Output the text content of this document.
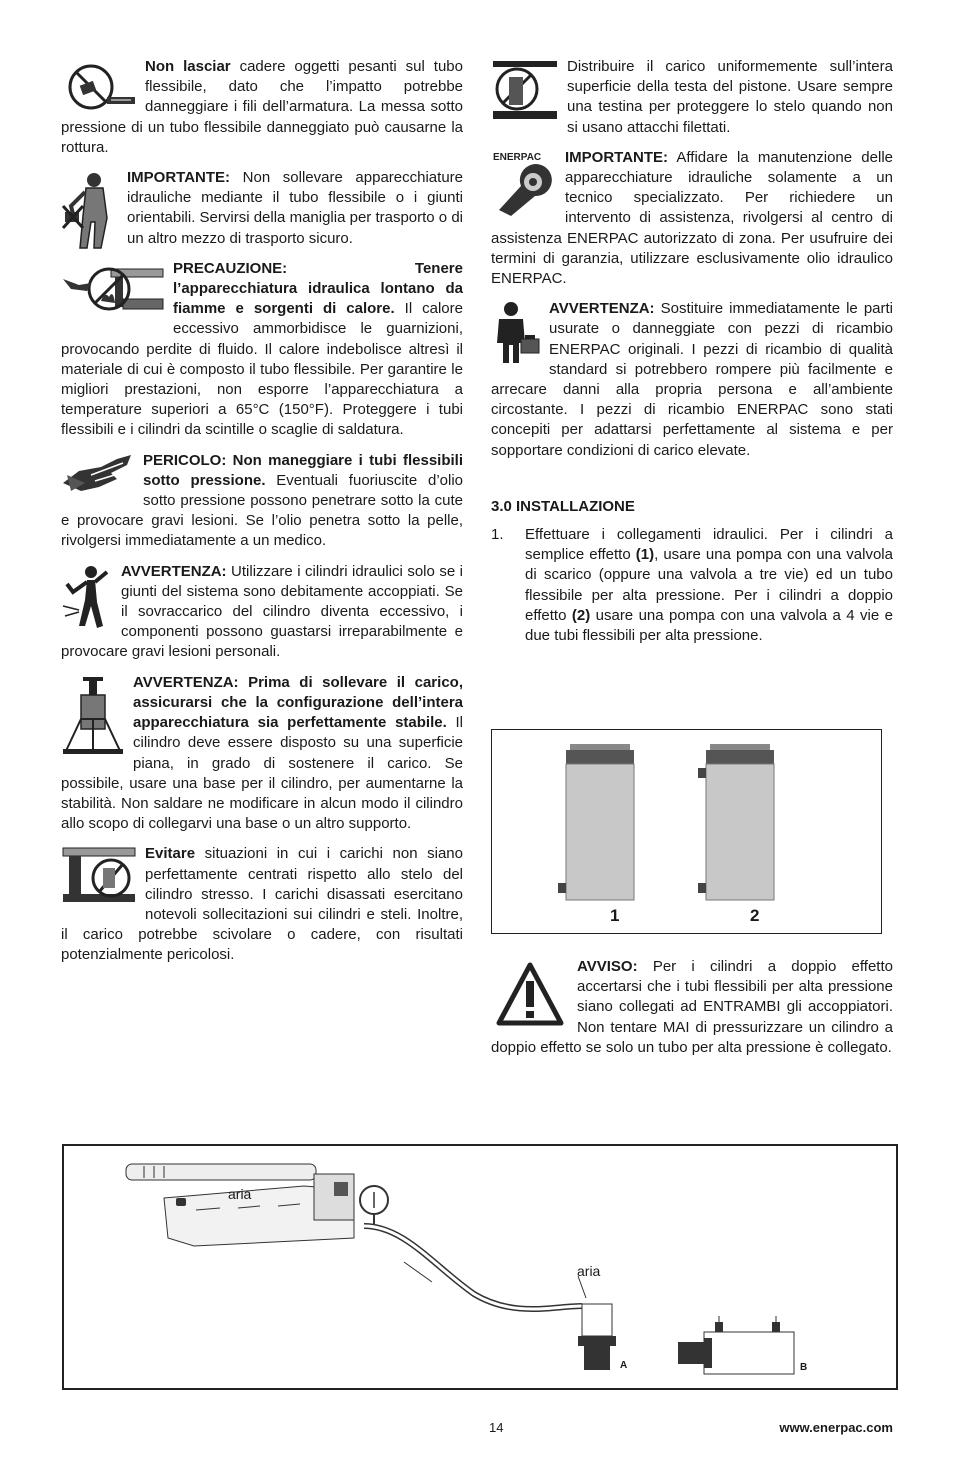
Non lasciar cadere oggetti pesanti sul tubo flessibile, dato che l’impatto potrebbe danneggiare i fili dell’armatura. La messa sotto pressione di un tubo flessibile danneggiato può causarne la rottura.
IMPORTANTE: Non sollevare apparecchiature idrauliche mediante il tubo flessibile o i giunti orientabili. Servirsi della maniglia per trasporto o di un altro mezzo di trasporto sicuro.
PRECAUZIONE: Tenere l’apparecchiatura idraulica lontano da fiamme e sorgenti di calore. Il calore eccessivo ammorbidisce le guarnizioni, provocando perdite di fluido. Il calore indebolisce altresì il materiale di cui è composto il tubo flessibile. Per garantire le migliori prestazioni, non esporre l’apparecchiatura a temperature superiori a 65°C (150°F). Proteggere i tubi flessibili e i cilindri da scintille o scaglie di saldatura.
PERICOLO: Non maneggiare i tubi flessibili sotto pressione. Eventuali fuoriuscite d’olio sotto pressione possono penetrare sotto la cute e provocare gravi lesioni. Se l’olio penetra sotto la pelle, rivolgersi immediatamente a un medico.
AVVERTENZA: Utilizzare i cilindri idraulici solo se i giunti del sistema sono debitamente accoppiati. Se il sovraccarico del cilindro diventa eccessivo, i componenti possono guastarsi irreparabilmente e provocare gravi lesioni personali.
AVVERTENZA: Prima di sollevare il carico, assicurarsi che la configurazione dell’intera apparecchiatura sia perfettamente stabile. Il cilindro deve essere disposto su una superficie piana, in grado di sostenere il carico. Se possibile, usare una base per il cilindro, per aumentarne la stabilità. Non saldare ne modificare in alcun modo il cilindro allo scopo di collegarvi una base o un altro supporto.
Evitare situazioni in cui i carichi non siano perfettamente centrati rispetto allo stelo del cilindro stresso. I carichi disassati esercitano notevoli sollecitazioni sui cilindri e steli. Inoltre, il carico potrebbe scivolare o cadere, con risultati potenzialmente pericolosi.
Distribuire il carico uniformemente sull’intera superficie della testa del pistone. Usare sempre una testina per proteggere lo stelo quando non si usano attacchi filettati.
ENERPAC IMPORTANTE: Affidare la manutenzione delle apparecchiature idrauliche solamente a un tecnico specializzato. Per richiedere un intervento di assistenza, rivolgersi al centro di assistenza ENERPAC autorizzato di zona. Per usufruire dei termini di garanzia, utilizzare esclusivamente olio idraulico ENERPAC.
AVVERTENZA: Sostituire immediatamente le parti usurate o danneggiate con pezzi di ricambio ENERPAC originali. I pezzi di ricambio di qualità standard si potrebbero rompere più facilmente e arrecare danni alla propria persona e all’ambiente circostante. I pezzi di ricambio ENERPAC sono stati concepiti per adattarsi perfettamente al sistema e per sopportare condizioni di carico elevate.
3.0 INSTALLAZIONE
1.	Effettuare i collegamenti idraulici. Per i cilindri a semplice effetto (1), usare una pompa con una valvola di scarico (oppure una valvola a tre vie) ed un tubo flessibile per alta pressione. Per i cilindri a doppio effetto (2) usare una pompa con una valvola a 4 vie e due tubi flessibili per alta pressione.
1	2
AVVISO: Per i cilindri a doppio effetto accertarsi che i tubi flessibili per alta pressione siano collegati ad ENTRAMBI gli accoppiatori. Non tentare MAI di pressurizzare un cilindro a doppio effetto se solo un tubo per alta pressione è collegato.
aria
aria
A	B
14	www.enerpac.com
